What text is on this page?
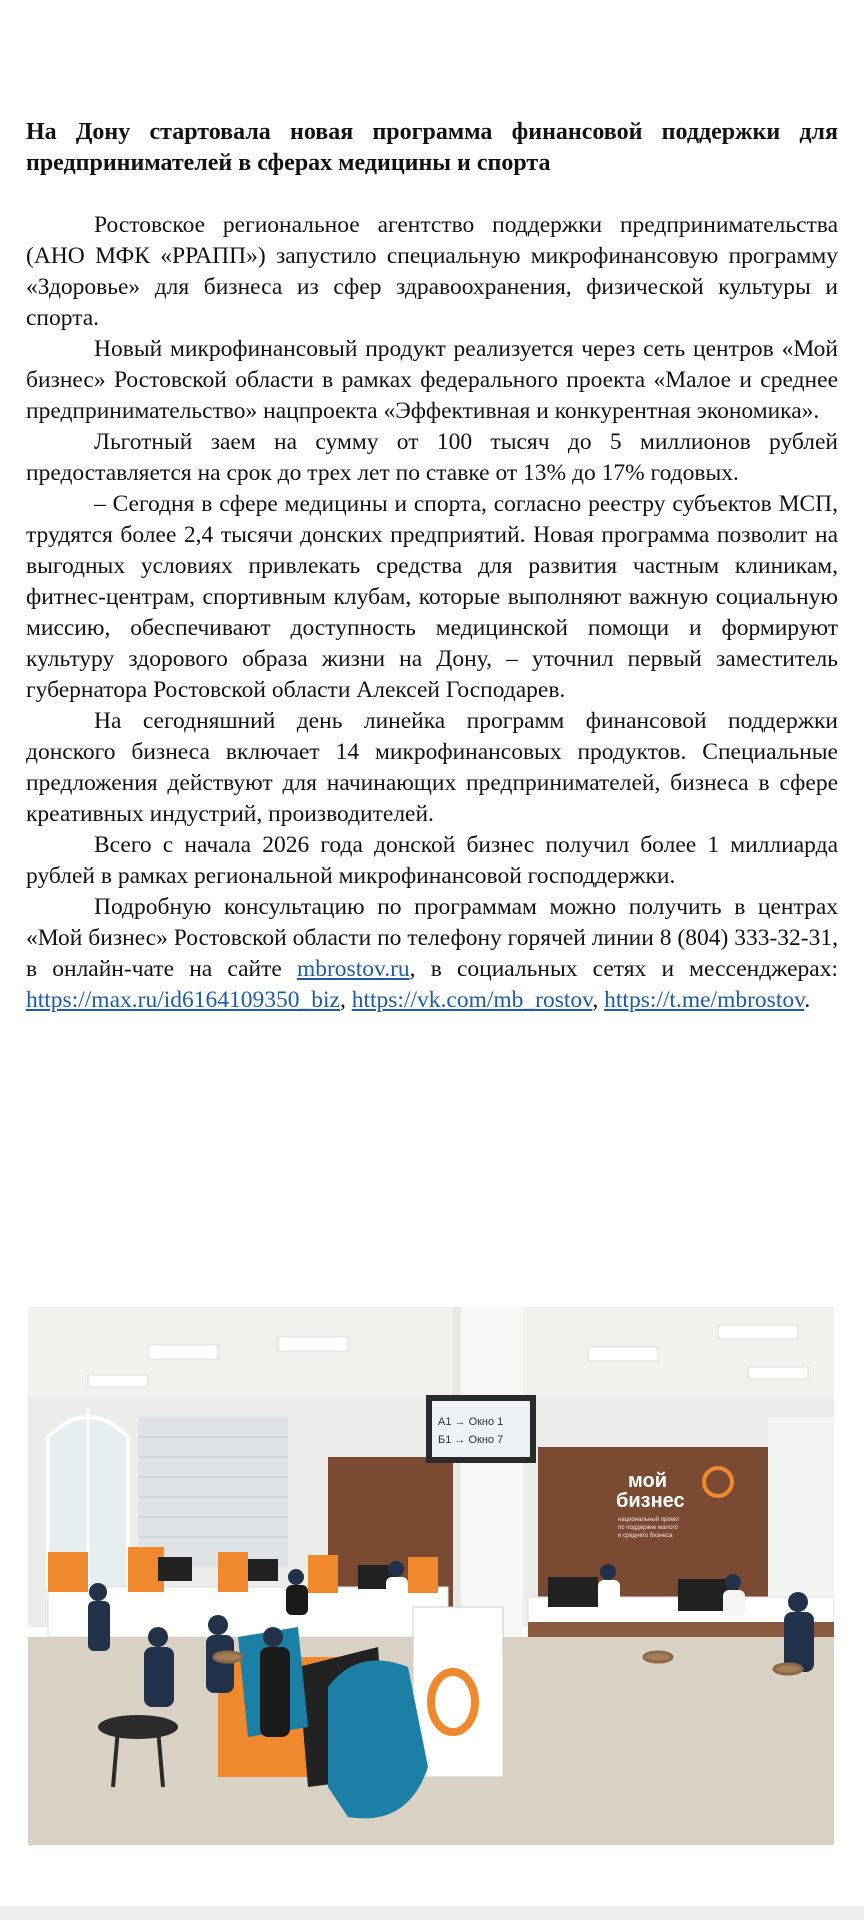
На Дону стартовала новая программа финансовой поддержки для предпринимателей в сферах медицины и спорта

Ростовское региональное агентство поддержки предпринимательства (АНО МФК «РРАПП») запустило специальную микрофинансовую программу «Здоровье» для бизнеса из сфер здравоохранения, физической культуры и спорта.

Новый микрофинансовый продукт реализуется через сеть центров «Мой бизнес» Ростовской области в рамках федерального проекта «Малое и среднее предпринимательство» нацпроекта «Эффективная и конкурентная экономика».

Льготный заем на сумму от 100 тысяч до 5 миллионов рублей предоставляется на срок до трех лет по ставке от 13% до 17% годовых.

– Сегодня в сфере медицины и спорта, согласно реестру субъектов МСП, трудятся более 2,4 тысячи донских предприятий. Новая программа позволит на выгодных условиях привлекать средства для развития частным клиникам, фитнес-центрам, спортивным клубам, которые выполняют важную социальную миссию, обеспечивают доступность медицинской помощи и формируют культуру здорового образа жизни на Дону, – уточнил первый заместитель губернатора Ростовской области Алексей Господарев.

На сегодняшний день линейка программ финансовой поддержки донского бизнеса включает 14 микрофинансовых продуктов. Специальные предложения действуют для начинающих предпринимателей, бизнеса в сфере креативных индустрий, производителей.

Всего с начала 2026 года донской бизнес получил более 1 миллиарда рублей в рамках региональной микрофинансовой господдержки.

Подробную консультацию по программам можно получить в центрах «Мой бизнес» Ростовской области по телефону горячей линии 8 (804) 333-32-31, в онлайн-чате на сайте mbrostov.ru, в социальных сетях и мессенджерах: https://max.ru/id6164109350_biz, https://vk.com/mb_rostov, https://t.me/mbrostov.

А1 → Окно 1
Б1 → Окно 7
мой
бизнес
национальный проект
по поддержке малого
и среднего бизнеса
